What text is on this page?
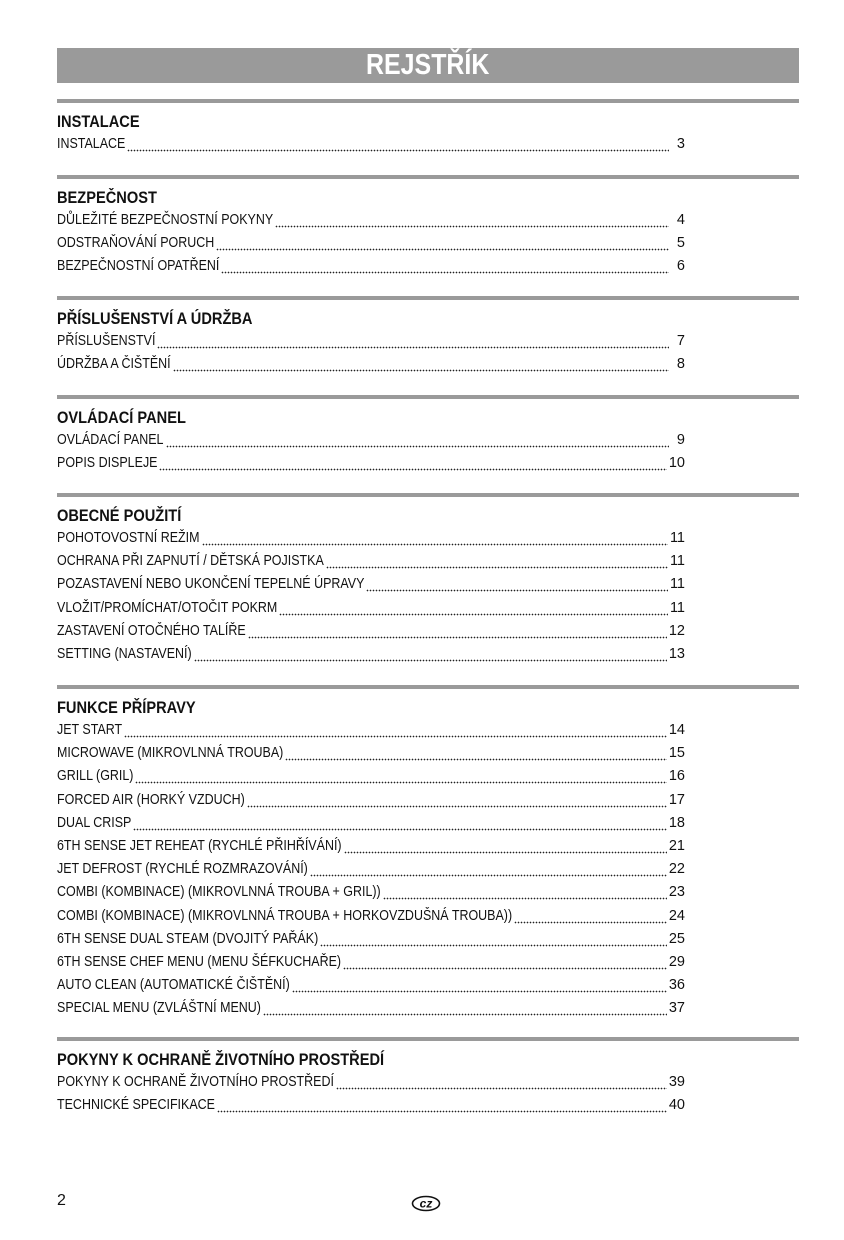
REJSTŘÍK
INSTALACE
INSTALACE	3
BEZPEČNOST
DŮLEŽITÉ BEZPEČNOSTNÍ POKYNY	4
ODSTRAŇOVÁNÍ PORUCH	5
BEZPEČNOSTNÍ OPATŘENÍ	6
PŘÍSLUŠENSTVÍ A ÚDRŽBA
PŘÍSLUŠENSTVÍ	7
ÚDRŽBA A ČIŠTĚNÍ	8
OVLÁDACÍ PANEL
OVLÁDACÍ PANEL	9
POPIS DISPLEJE	10
OBECNÉ POUŽITÍ
POHOTOVOSTNÍ REŽIM	11
OCHRANA PŘI ZAPNUTÍ / DĚTSKÁ POJISTKA	11
POZASTAVENÍ NEBO UKONČENÍ TEPELNÉ ÚPRAVY	11
VLOŽIT/PROMÍCHAT/OTOČIT POKRM	11
ZASTAVENÍ OTOČNÉHO TALÍŘE	12
SETTING (NASTAVENÍ)	13
FUNKCE PŘÍPRAVY
JET START	14
MICROWAVE (MIKROVLNNÁ TROUBA)	15
GRILL (GRIL)	16
FORCED AIR (HORKÝ VZDUCH)	17
DUAL CRISP	18
6TH SENSE JET REHEAT (RYCHLÉ PŘIHŘÍVÁNÍ)	21
JET DEFROST (RYCHLÉ ROZMRAZOVÁNÍ)	22
COMBI (KOMBINACE) (MIKROVLNNÁ TROUBA + GRIL))	23
COMBI (KOMBINACE) (MIKROVLNNÁ TROUBA + HORKOVZDUŠNÁ TROUBA))	24
6TH SENSE DUAL STEAM (DVOJITÝ PAŘÁK)	25
6TH SENSE CHEF MENU (MENU ŠÉFKUCHAŘE)	29
AUTO CLEAN (AUTOMATICKÉ ČIŠTĚNÍ)	36
SPECIAL MENU (ZVLÁŠTNÍ MENU)	37
POKYNY K OCHRANĚ ŽIVOTNÍHO PROSTŘEDÍ
POKYNY K OCHRANĚ ŽIVOTNÍHO PROSTŘEDÍ	39
TECHNICKÉ SPECIFIKACE	40
2	cz
